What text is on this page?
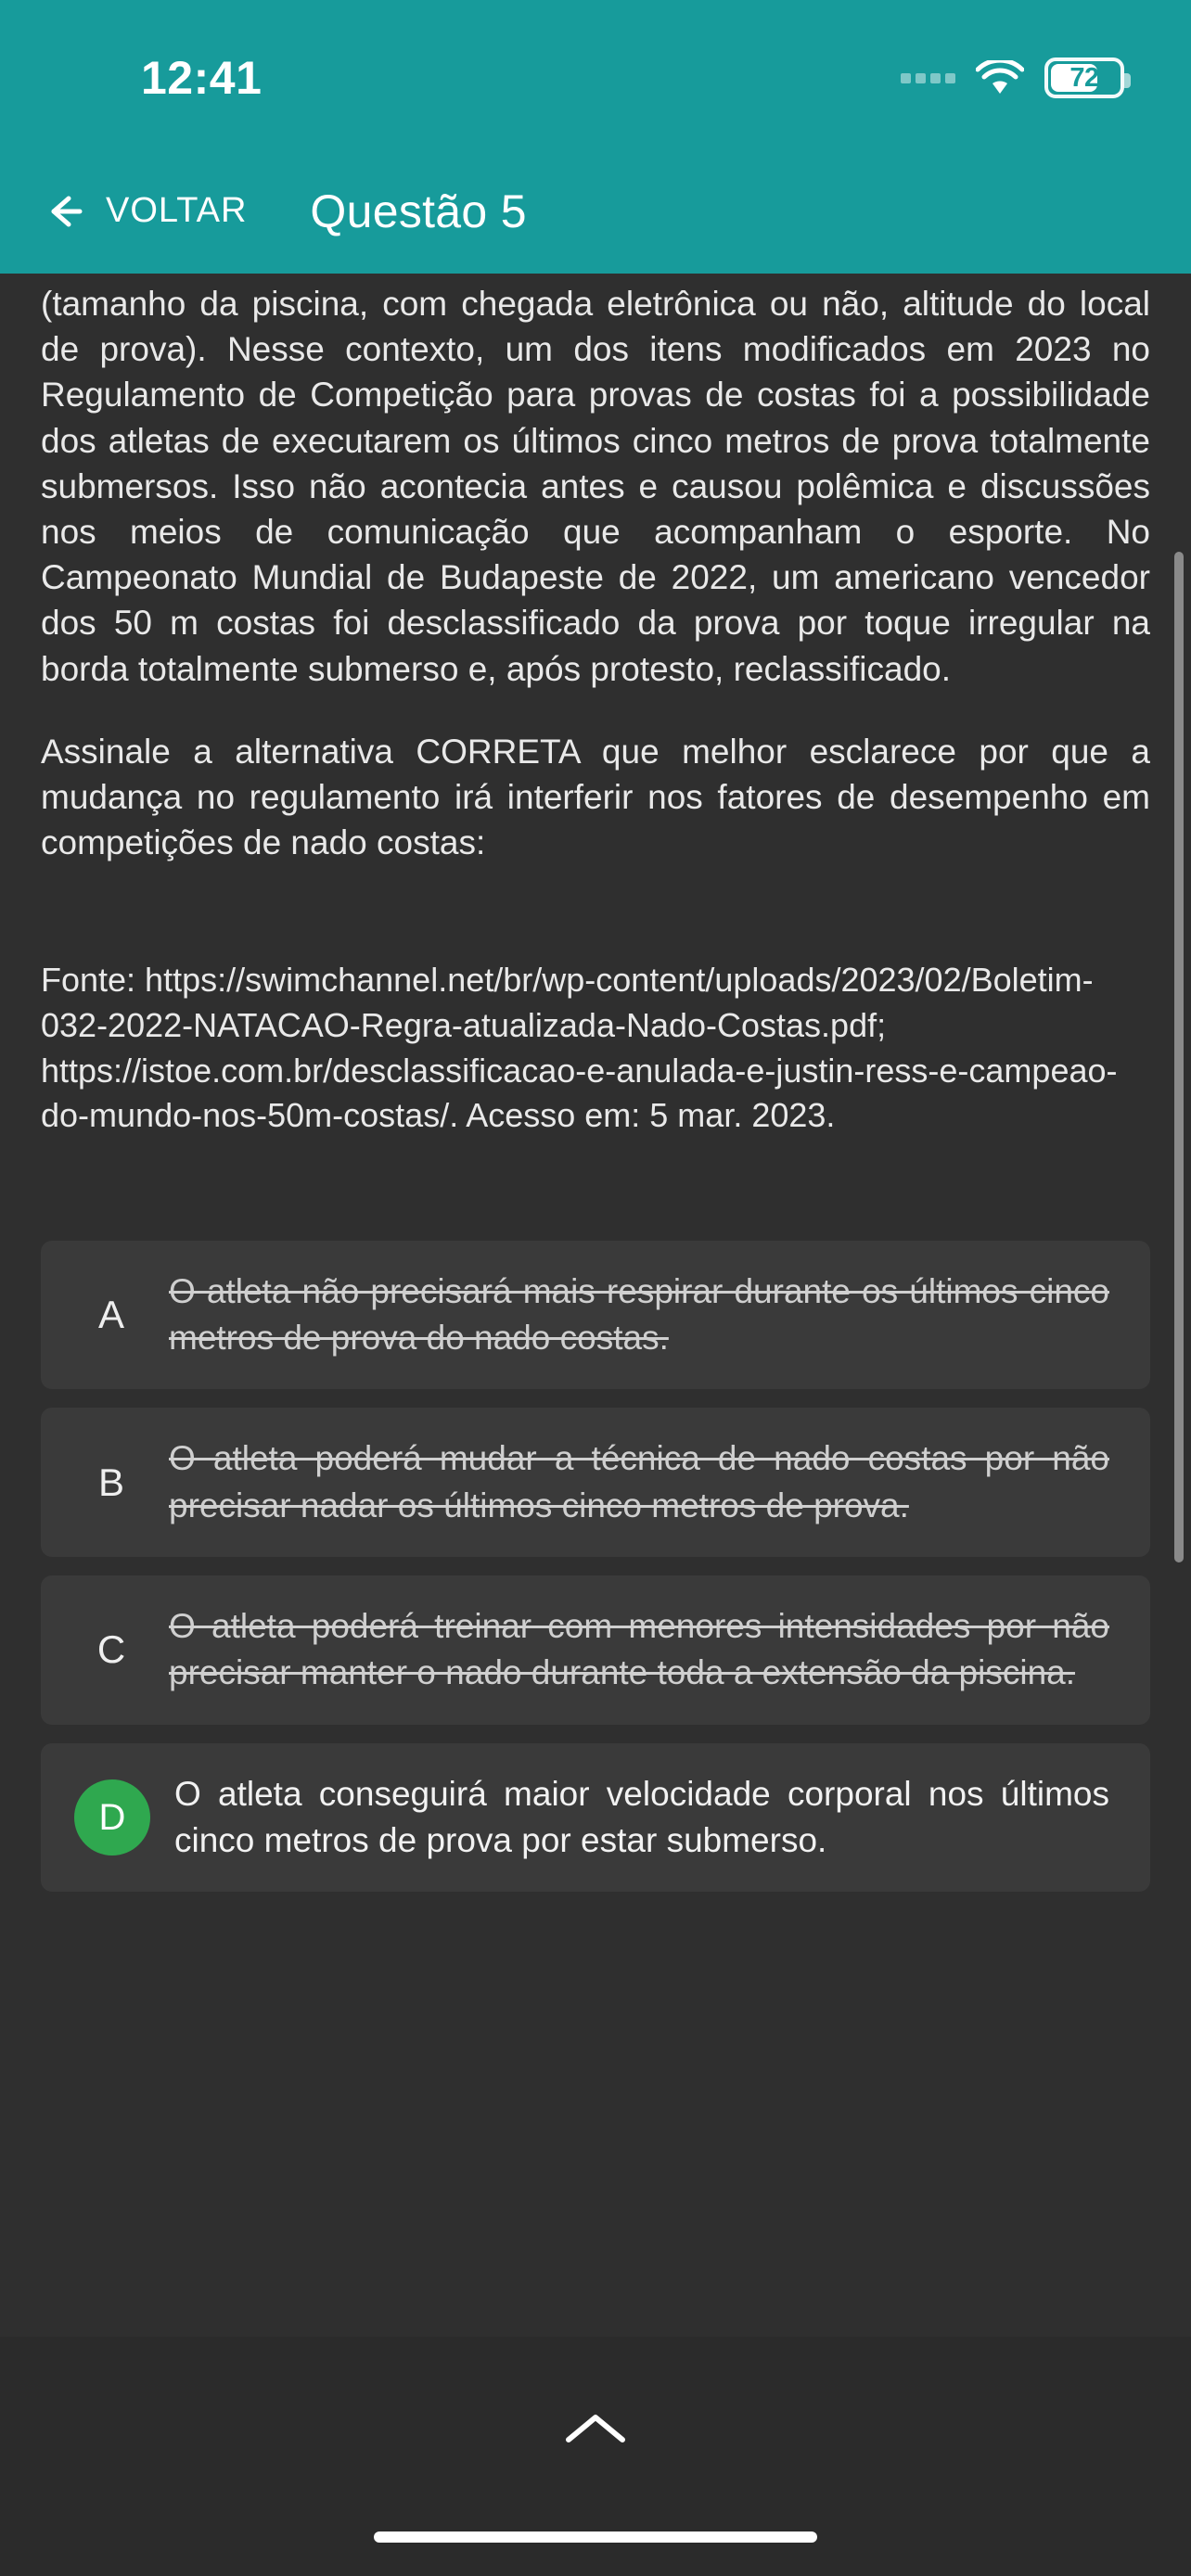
12:41	72
VOLTAR Questão 5

(tamanho da piscina, com chegada eletrônica ou não, altitude do local de prova). Nesse contexto, um dos itens modificados em 2023 no Regulamento de Competição para provas de costas foi a possibilidade dos atletas de executarem os últimos cinco metros de prova totalmente submersos. Isso não acontecia antes e causou polêmica e discussões nos meios de comunicação que acompanham o esporte. No Campeonato Mundial de Budapeste de 2022, um americano vencedor dos 50 m costas foi desclassificado da prova por toque irregular na borda totalmente submerso e, após protesto, reclassificado.

Assinale a alternativa CORRETA que melhor esclarece por que a mudança no regulamento irá interferir nos fatores de desempenho em competições de nado costas:

Fonte: https://swimchannel.net/br/wp-content/uploads/2023/02/Boletim-032-2022-NATACAO-Regra-atualizada-Nado-Costas.pdf; https://istoe.com.br/desclassificacao-e-anulada-e-justin-ress-e-campeao-do-mundo-nos-50m-costas/. Acesso em: 5 mar. 2023.
A
O atleta não precisará mais respirar durante os últimos cinco metros de prova do nado costas.
B
O atleta poderá mudar a técnica de nado costas por não precisar nadar os últimos cinco metros de prova.
C
O atleta poderá treinar com menores intensidades por não precisar manter o nado durante toda a extensão da piscina.
D
O atleta conseguirá maior velocidade corporal nos últimos cinco metros de prova por estar submerso.
